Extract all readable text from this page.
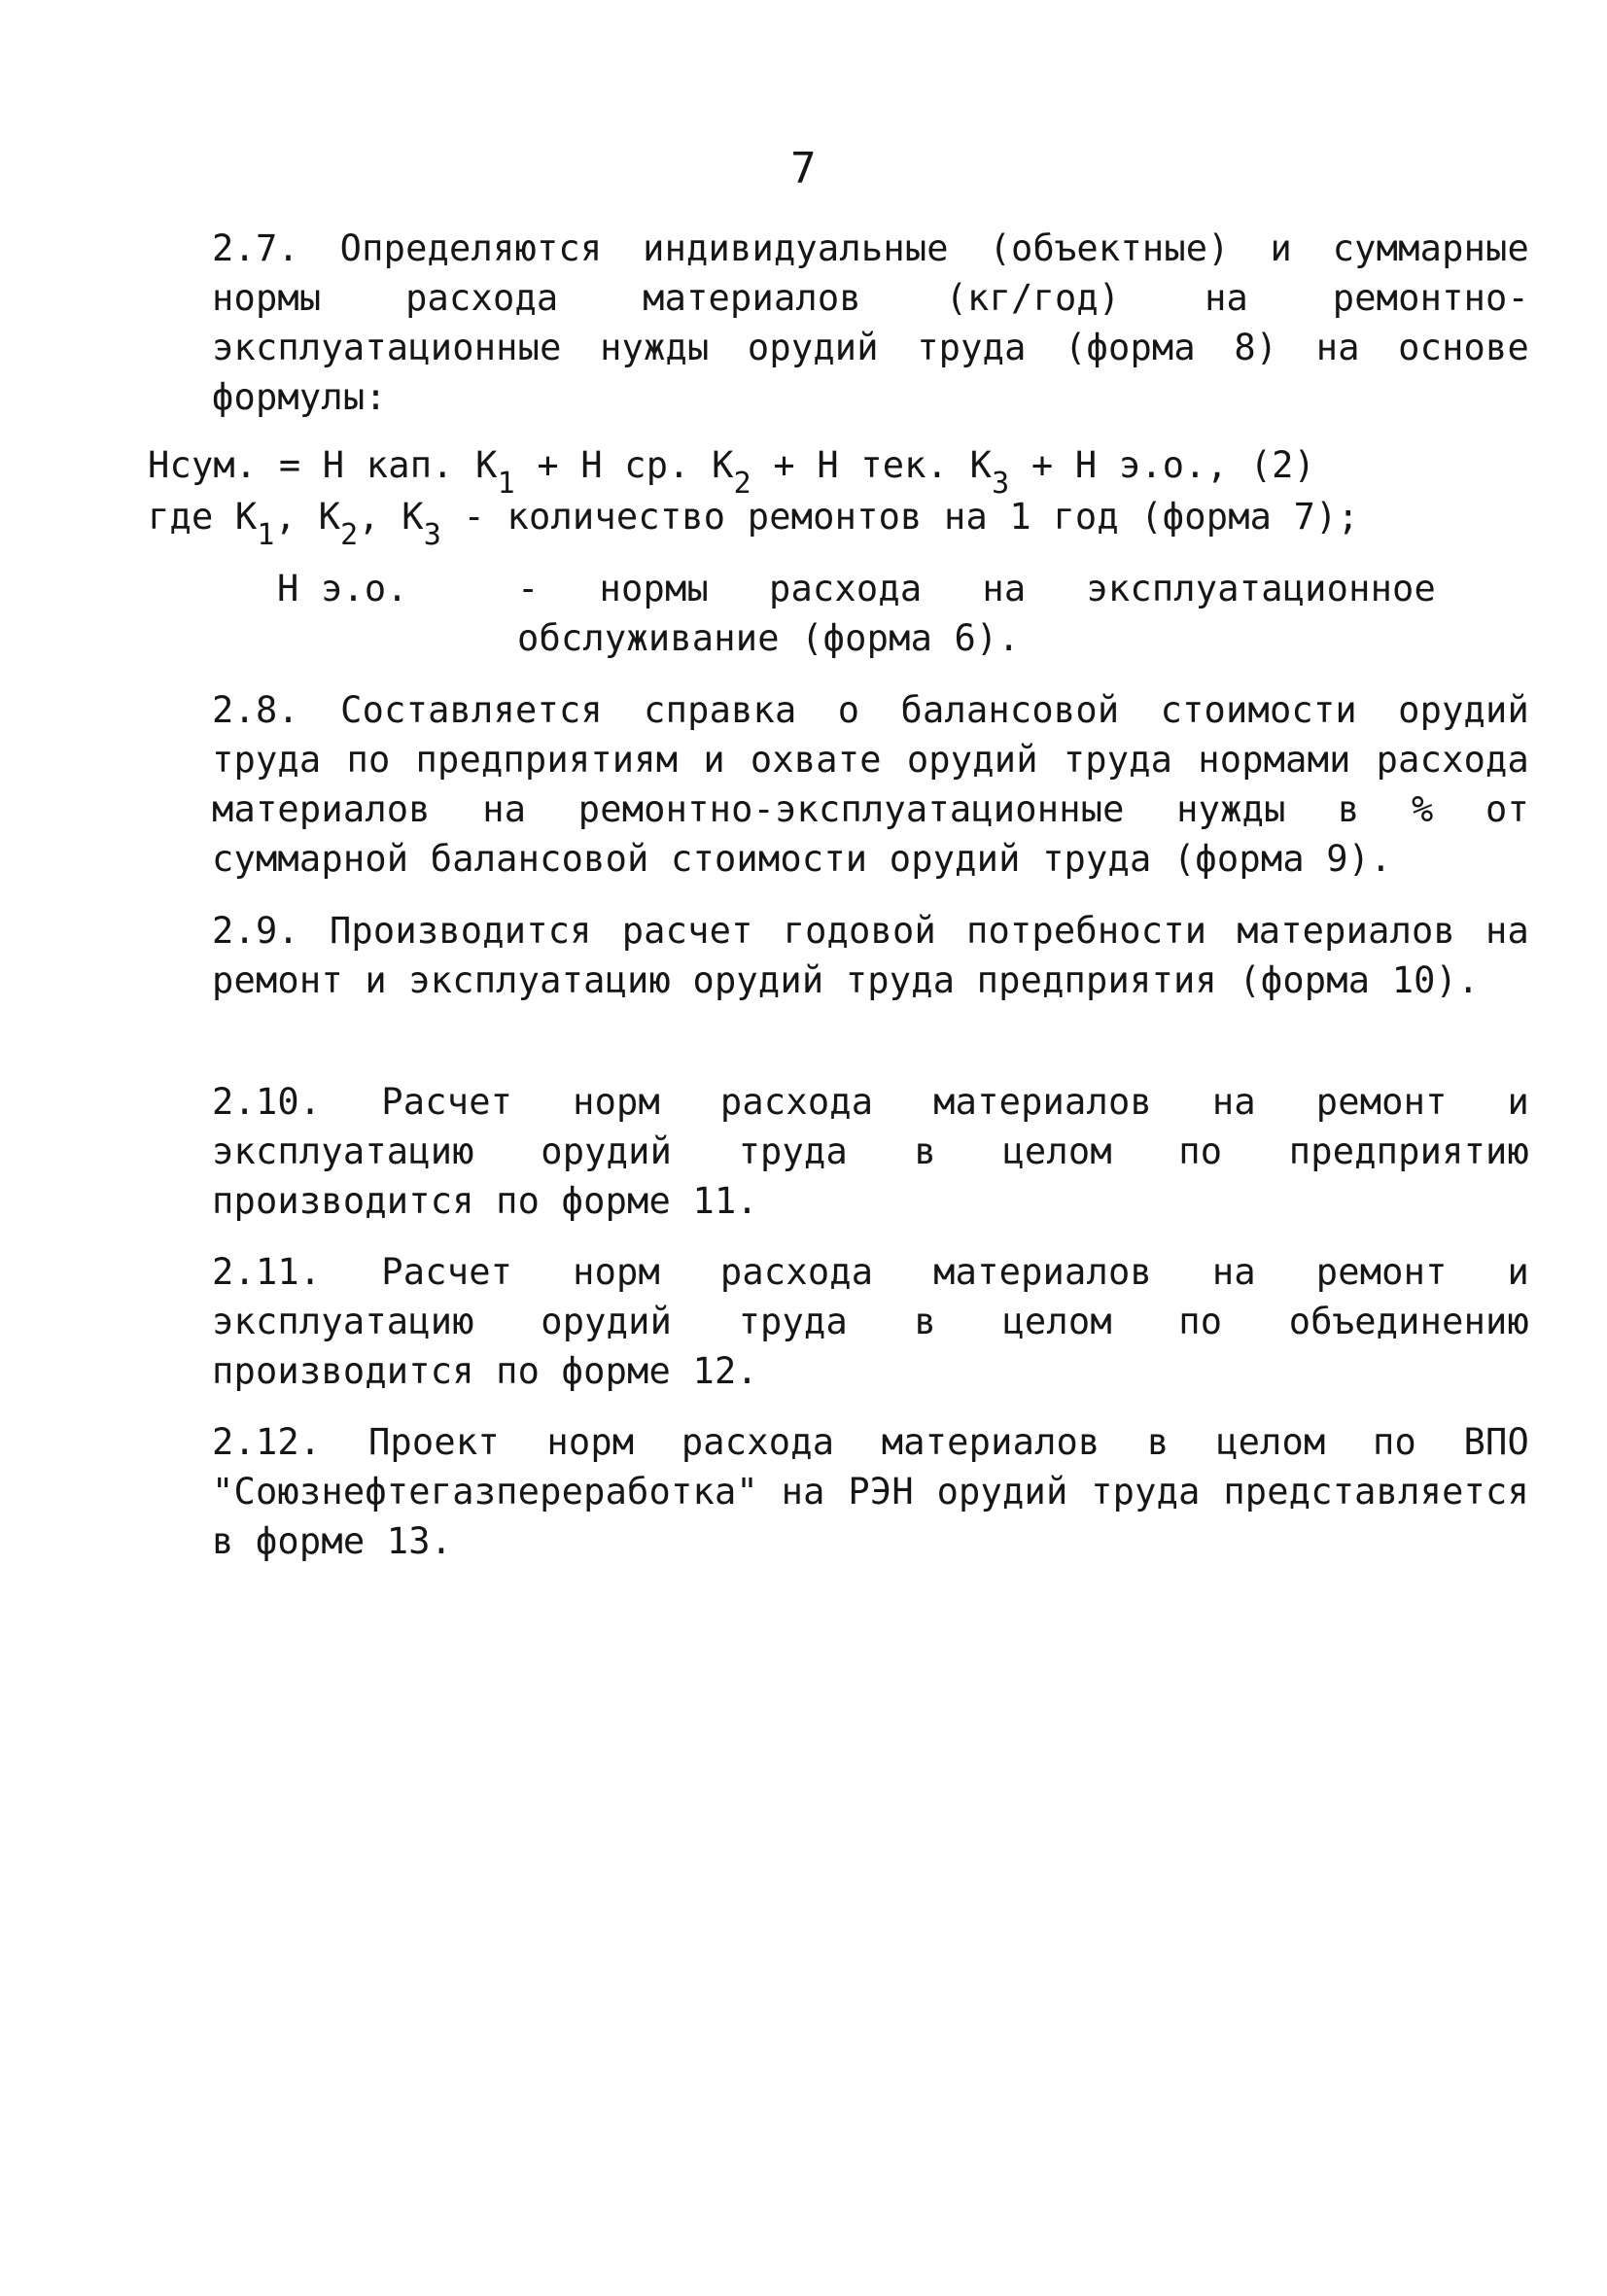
7
2.7. Определяются индивидуальные (объектные) и суммарные нормы расхода материалов (кг/год) на ремонтно-эксплуатационные нужды орудий труда (форма 8) на основе формулы:
Нсум. = Н кап. $К_1 + Н$ ср. $К_2 + Н$ тек. $К_3 + Н$ э.о., (2)
где $К_1$, $К_2$, $К_3$ - количество ремонтов на 1 год (форма 7);
Н э.о.	- нормы расхода на эксплуатационное обслуживание (форма 6).
2.8. Составляется справка о балансовой стоимости орудий труда по предприятиям и охвате орудий труда нормами расхода материалов на ремонтно-эксплуатационные нужды в % от суммарной балансовой стоимости орудий труда (форма 9).
2.9. Производится расчет годовой потребности материалов на ремонт и эксплуатацию орудий труда предприятия (форма 10).
2.10. Расчет норм расхода материалов на ремонт и эксплуатацию орудий труда в целом по предприятию производится по форме 11.
2.11. Расчет норм расхода материалов на ремонт и эксплуатацию орудий труда в целом по объединению производится по форме 12.
2.12. Проект норм расхода материалов в целом по ВПО "Союзнефтегазпереработка" на РЭН орудий труда представляется в форме 13.
